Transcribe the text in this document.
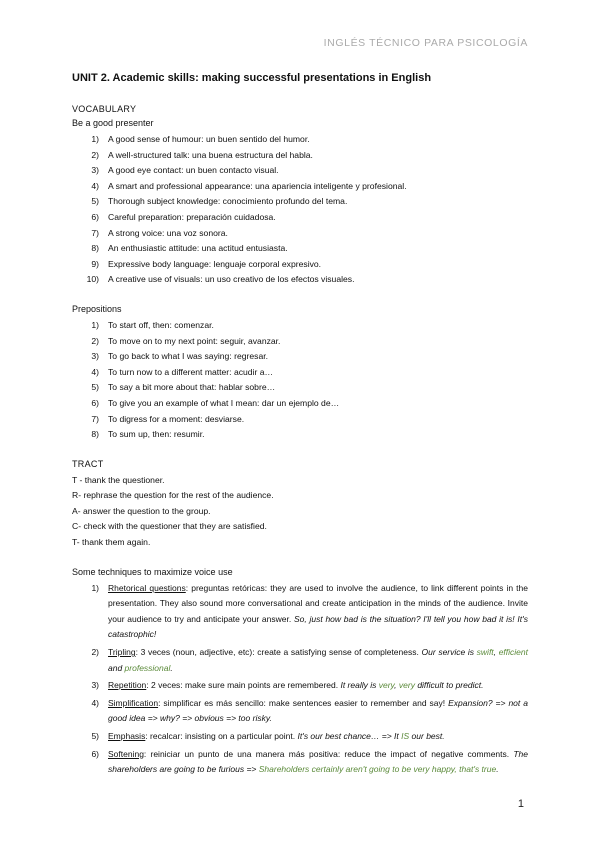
INGLÉS TÉCNICO PARA PSICOLOGÍA

UNIT 2. Academic skills: making successful presentations in English

VOCABULARY

Be a good presenter

1)	A good sense of humour: un buen sentido del humor.
2)	A well-structured talk: una buena estructura del habla.
3)	A good eye contact: un buen contacto visual.
4)	A smart and professional appearance: una apariencia inteligente y profesional.
5)	Thorough subject knowledge: conocimiento profundo del tema.
6)	Careful preparation: preparación cuidadosa.
7)	A strong voice: una voz sonora.
8)	An enthusiastic attitude: una actitud entusiasta.
9)	Expressive body language: lenguaje corporal expresivo.
10)	A creative use of visuals: un uso creativo de los efectos visuales.

Prepositions

1)	To start off, then: comenzar.
2)	To move on to my next point: seguir, avanzar.
3)	To go back to what I was saying: regresar.
4)	To turn now to a different matter: acudir a…
5)	To say a bit more about that: hablar sobre…
6)	To give you an example of what I mean: dar un ejemplo de…
7)	To digress for a moment: desviarse.
8)	To sum up, then: resumir.

TRACT

T - thank the questioner.

R- rephrase the question for the rest of the audience.

A- answer the question to the group.

C- check with the questioner that they are satisfied.

T- thank them again.

Some techniques to maximize voice use

1)	Rhetorical questions: preguntas retóricas: they are used to involve the audience, to link different points in the presentation. They also sound more conversational and create anticipation in the minds of the audience. Invite your audience to try and anticipate your answer. So, just how bad is the situation? I'll tell you how bad it is! It's catastrophic!
2)	Tripling: 3 veces (noun, adjective, etc): create a satisfying sense of completeness. Our service is swift, efficient and professional.
3)	Repetition: 2 veces: make sure main points are remembered. It really is very, very difficult to predict.
4)	Simplification: simplificar es más sencillo: make sentences easier to remember and say! Expansion? => not a good idea => why? => obvious => too risky.
5)	Emphasis: recalcar: insisting on a particular point. It's our best chance… => It IS our best.
6)	Softening: reiniciar un punto de una manera más positiva: reduce the impact of negative comments. The shareholders are going to be furious => Shareholders certainly aren't going to be very happy, that's true.
1
